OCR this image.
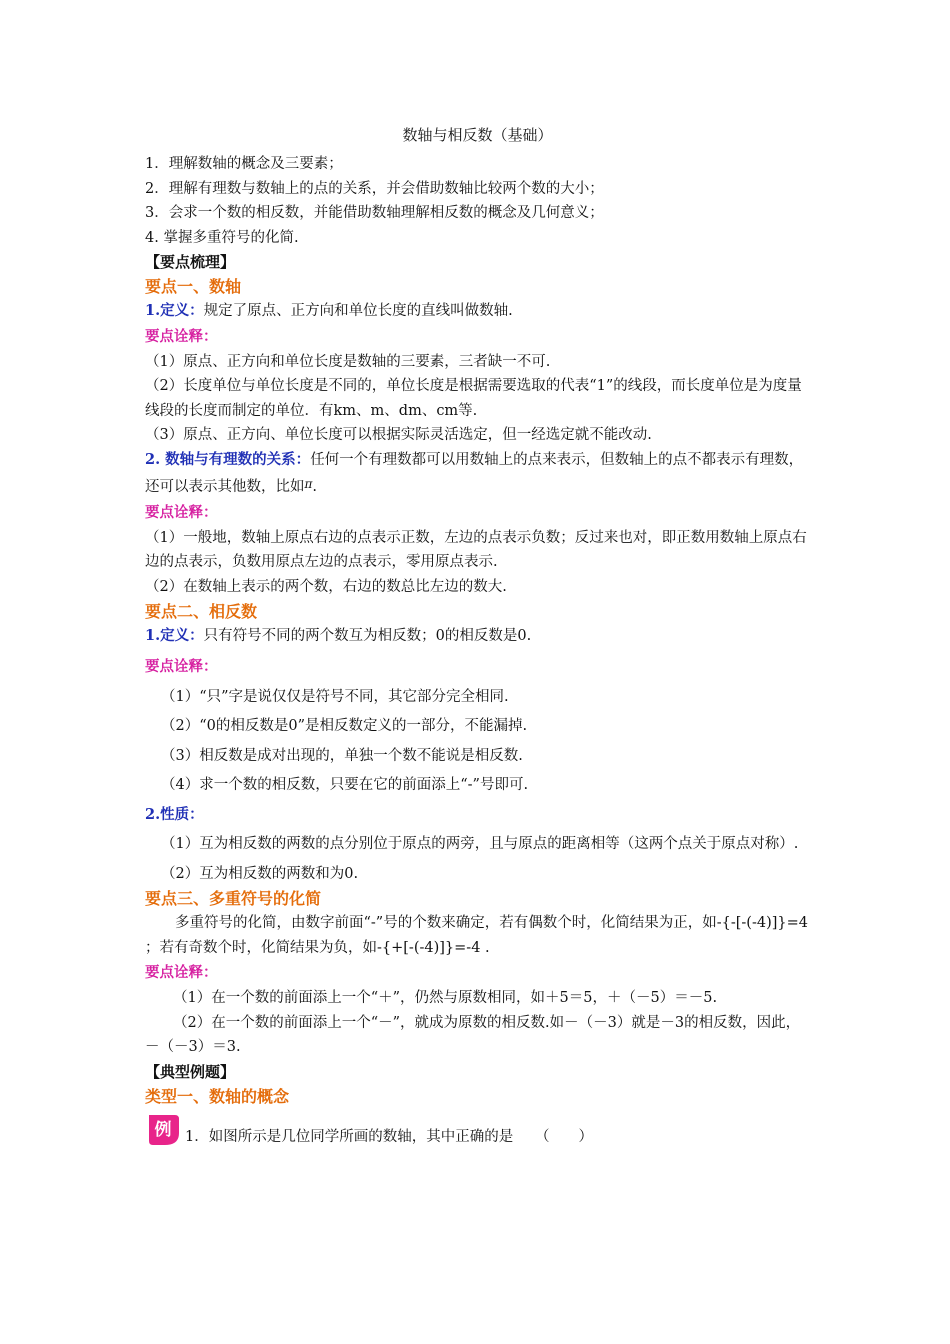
数轴与相反数（基础）

1．理解数轴的概念及三要素；

2．理解有理数与数轴上的点的关系，并会借助数轴比较两个数的大小；

3．会求一个数的相反数，并能借助数轴理解相反数的概念及几何意义；

4. 掌握多重符号的化简.

【要点梳理】

要点一、数轴

1.定义：规定了原点、正方向和单位长度的直线叫做数轴.

要点诠释：

（1）原点、正方向和单位长度是数轴的三要素，三者缺一不可.

（2）长度单位与单位长度是不同的，单位长度是根据需要选取的代表“1”的线段，而长度单位是为度量线段的长度而制定的单位．有km、m、dm、cm等.

（3）原点、正方向、单位长度可以根据实际灵活选定，但一经选定就不能改动.

2. 数轴与有理数的关系：任何一个有理数都可以用数轴上的点来表示，但数轴上的点不都表示有理数，还可以表示其他数，比如$^\pi$.

要点诠释：

（1）一般地，数轴上原点右边的点表示正数，左边的点表示负数；反过来也对，即正数用数轴上原点右边的点表示，负数用原点左边的点表示，零用原点表示.

（2）在数轴上表示的两个数，右边的数总比左边的数大.

要点二、相反数

1.定义：只有符号不同的两个数互为相反数；0的相反数是0.

要点诠释：

（1）“只”字是说仅仅是符号不同，其它部分完全相同.

（2）“0的相反数是0”是相反数定义的一部分，不能漏掉.

（3）相反数是成对出现的，单独一个数不能说是相反数.

（4）求一个数的相反数，只要在它的前面添上“-”号即可.

2.性质：

（1）互为相反数的两数的点分别位于原点的两旁，且与原点的距离相等（这两个点关于原点对称）.

（2）互为相反数的两数和为0.

要点三、多重符号的化简

多重符号的化简，由数字前面“-”号的个数来确定，若有偶数个时，化简结果为正，如-{-[-(-4)]}=4 ；若有奇数个时，化简结果为负，如-{+[-(-4)]}=-4 .

要点诠释：

（1）在一个数的前面添上一个“＋”，仍然与原数相同，如＋5＝5，＋（－5）＝－5.

（2）在一个数的前面添上一个“－”，就成为原数的相反数.如－（－3）就是－3的相反数，因此，－（－3）＝3.

【典型例题】

类型一、数轴的概念

例 1．如图所示是几位同学所画的数轴，其中正确的是　　（　　）
